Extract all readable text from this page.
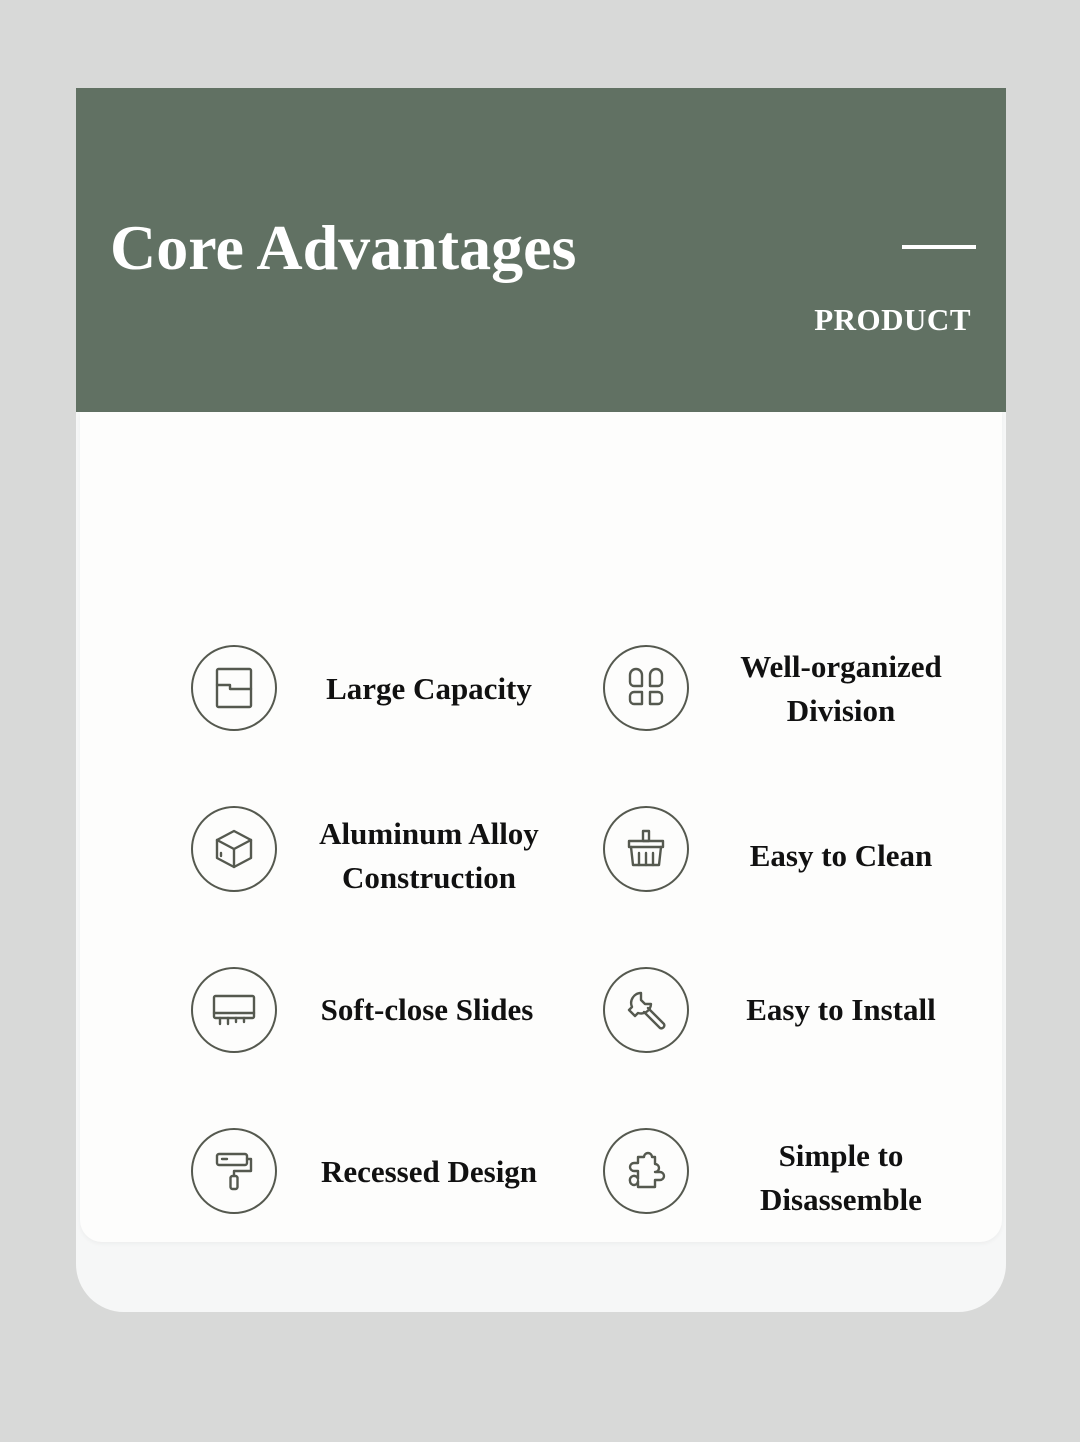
Core Advantages
PRODUCT
Large Capacity
Well-organized
Division
Aluminum Alloy
Construction
Easy to Clean
Soft-close Slides	Easy to Install
Recessed Design	Simple to
Disassemble
